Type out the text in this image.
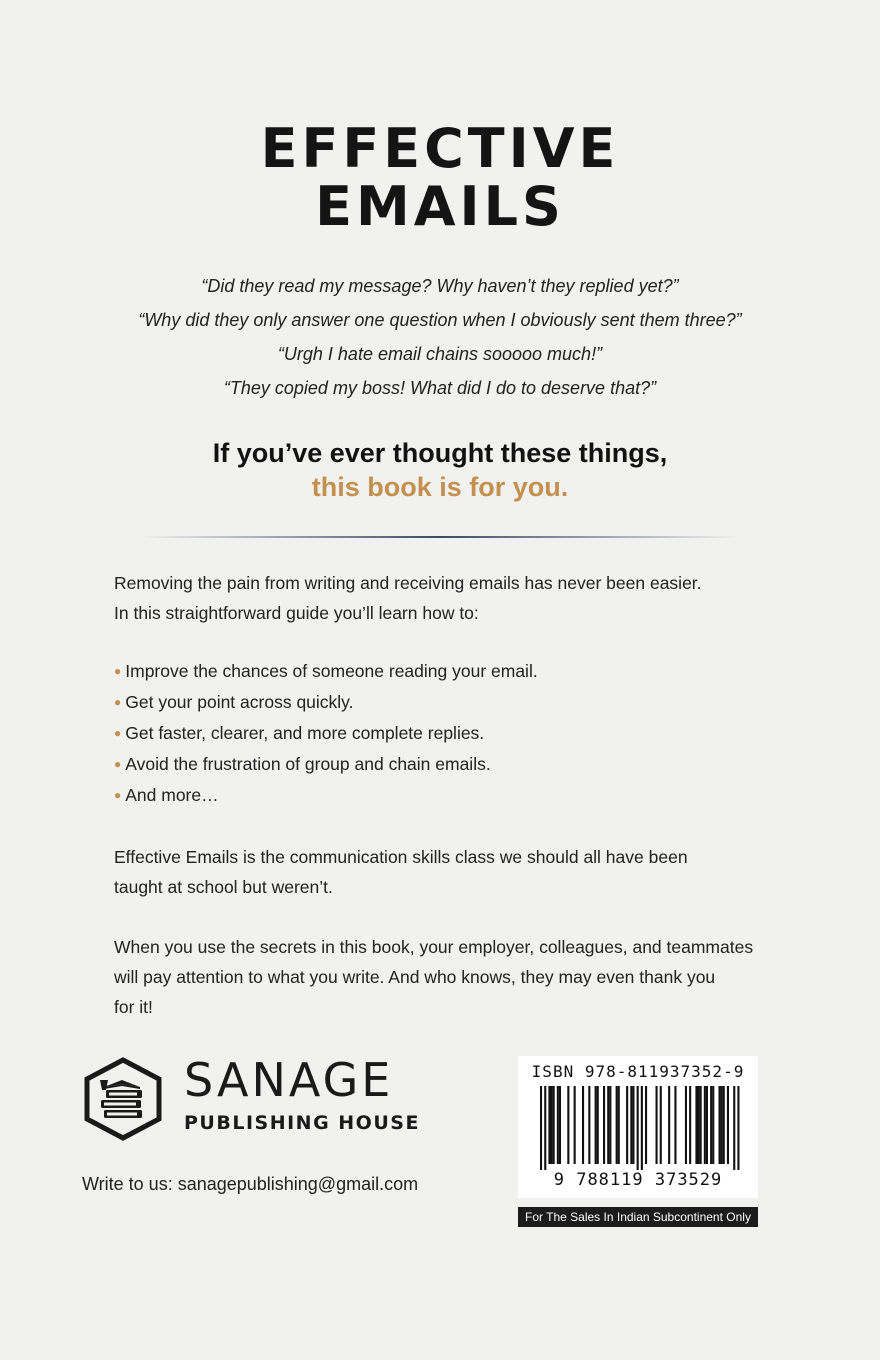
EFFECTIVE
EMAILS

“Did they read my message? Why haven’t they replied yet?”

“Why did they only answer one question when I obviously sent them three?”

“Urgh I hate email chains sooooo much!”

“They copied my boss! What did I do to deserve that?”

If you’ve ever thought these things,
this book is for you.

Removing the pain from writing and receiving emails has never been easier.

In this straightforward guide you’ll learn how to:

● Improve the chances of someone reading your email.
● Get your point across quickly.
● Get faster, clearer, and more complete replies.
● Avoid the frustration of group and chain emails.
● And more…

Effective Emails is the communication skills class we should all have been

taught at school but weren’t.

When you use the secrets in this book, your employer, colleagues, and teammates

will pay attention to what you write. And who knows, they may even thank you

for it!

SANAGE
PUBLISHING HOUSE
Write to us: sanagepublishing@gmail.com
ISBN 978-811937352-9
9 788119 373529
For The Sales In Indian Subcontinent Only
